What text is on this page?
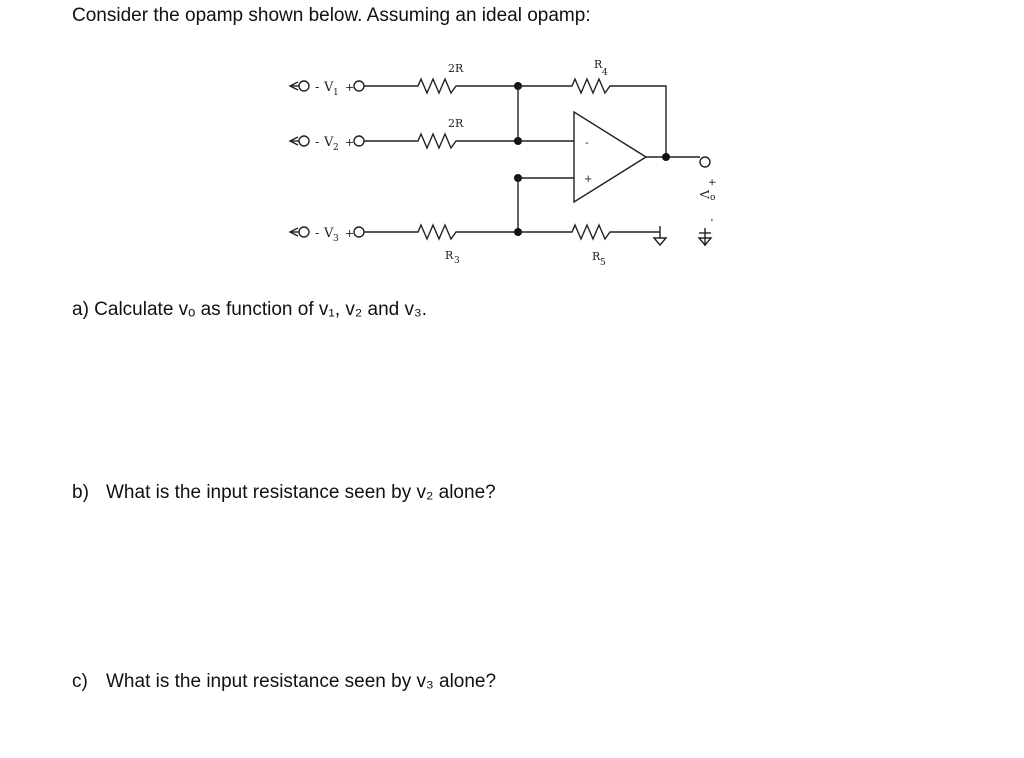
Consider the opamp shown below. Assuming an ideal opamp:
- V 1 +
2R	R
4
- V 2 +
2R
-
+
- V 3 +
R 3	R 5
+
V o
-
a) Calculate vₒ as function of v₁, v₂ and v₃.
b) What is the input resistance seen by v₂ alone?
c) What is the input resistance seen by v₃ alone?
